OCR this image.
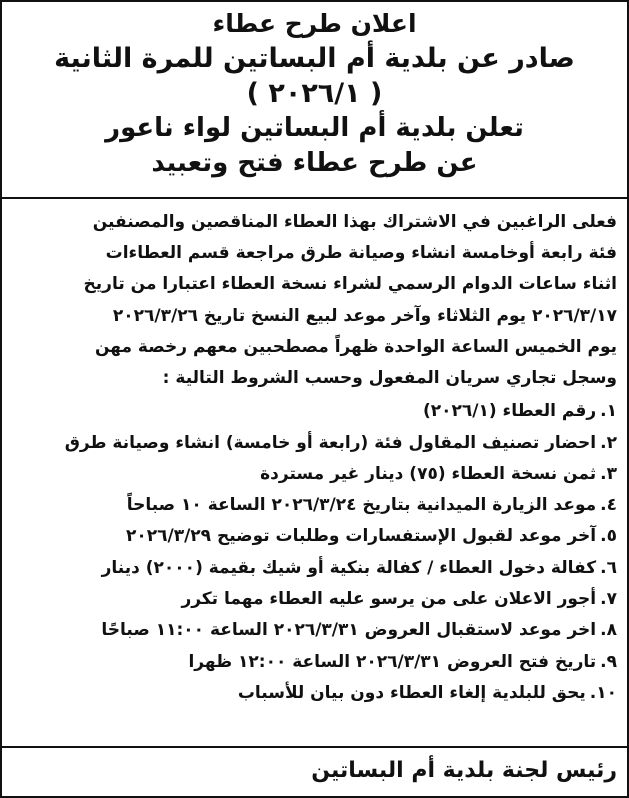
اعلان طرح عطاء
صادر عن بلدية أم البساتين للمرة الثانية
( ٢٠٢٦/١ )
تعلن بلدية أم البساتين لواء ناعور
عن طرح عطاء فتح وتعبيد
فعلى الراغبين في الاشتراك بهذا العطاء المناقصين والمصنفين
فئة رابعة أوخامسة انشاء وصيانة طرق مراجعة قسم العطاءات
اثناء ساعات الدوام الرسمي لشراء نسخة العطاء اعتبارا من تاريخ
٢٠٢٦/٣/١٧ يوم الثلاثاء وآخر موعد لبيع النسخ تاريخ ٢٠٢٦/٣/٢٦
يوم الخميس الساعة الواحدة ظهراً مصطحبين معهم رخصة مهن
وسجل تجاري سريان المفعول وحسب الشروط التالية :
١.رقم العطاء (٢٠٢٦/١)
٢.احضار تصنيف المقاول فئة (رابعة أو خامسة) انشاء وصيانة طرق
٣.ثمن نسخة العطاء (٧٥) دينار غير مستردة
٤.موعد الزيارة الميدانية بتاريخ ٢٠٢٦/٣/٢٤ الساعة ١٠ صباحاً
٥.آخر موعد لقبول الإستفسارات وطلبات توضيح ٢٠٢٦/٣/٢٩
٦.كفالة دخول العطاء / كفالة بنكية أو شيك بقيمة (٢٠٠٠) دينار
٧.أجور الاعلان على من يرسو عليه العطاء مهما تكرر
٨.اخر موعد لاستقبال العروض ٢٠٢٦/٣/٣١ الساعة ١١:٠٠ صباحًا
٩.تاريخ فتح العروض ٢٠٢٦/٣/٣١ الساعة ١٢:٠٠ ظهرا
١٠.يحق للبلدية إلغاء العطاء دون بيان للأسباب
رئيس لجنة بلدية أم البساتين
